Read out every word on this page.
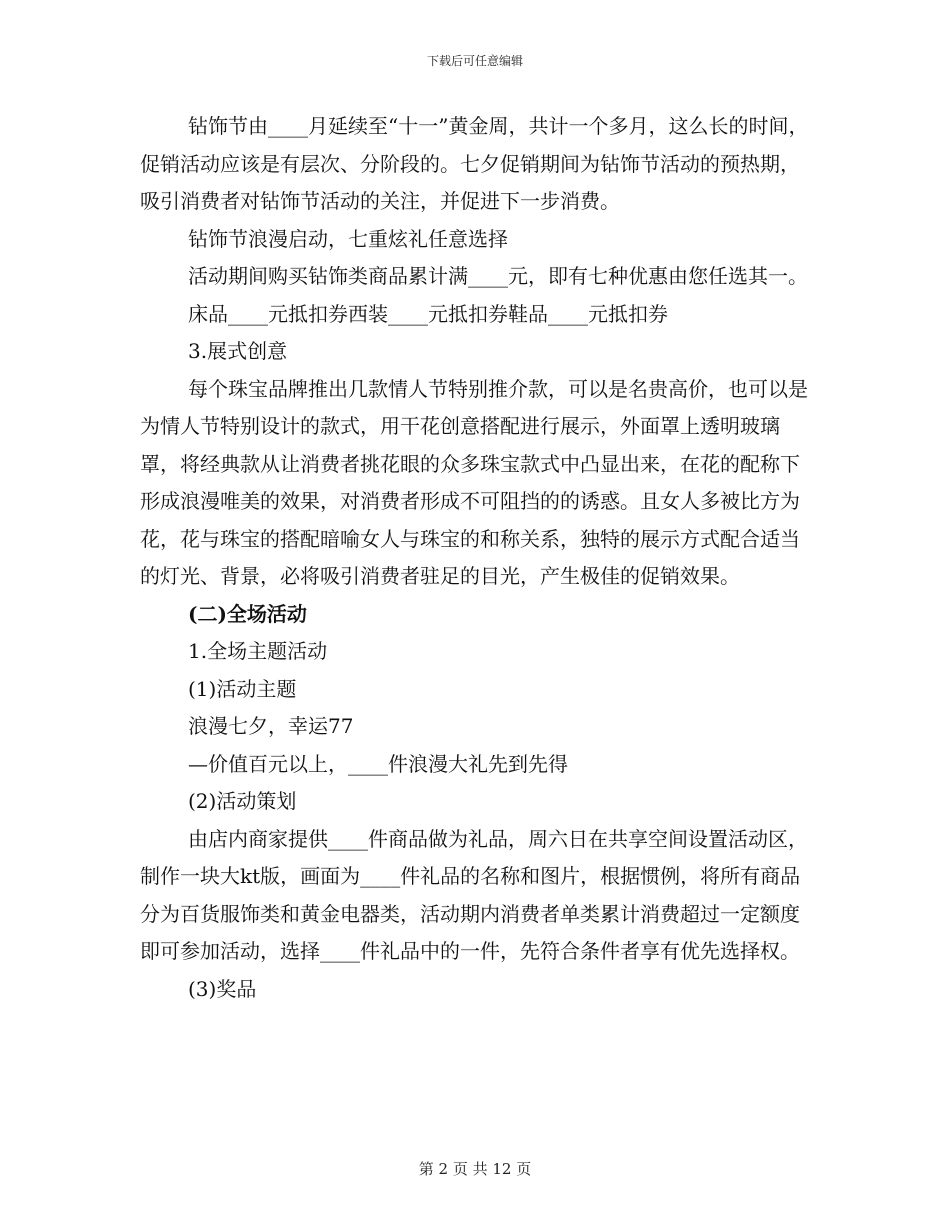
下载后可任意编辑

钻饰节由____月延续至“十一”黄金周，共计一个多月，这么长的时间，促销活动应该是有层次、分阶段的。七夕促销期间为钻饰节活动的预热期，吸引消费者对钻饰节活动的关注，并促进下一步消费。

钻饰节浪漫启动，七重炫礼任意选择

活动期间购买钻饰类商品累计满____元，即有七种优惠由您任选其一。

床品____元抵扣券西装____元抵扣券鞋品____元抵扣券

3.展式创意

每个珠宝品牌推出几款情人节特别推介款，可以是名贵高价，也可以是为情人节特别设计的款式，用干花创意搭配进行展示，外面罩上透明玻璃罩，将经典款从让消费者挑花眼的众多珠宝款式中凸显出来，在花的配称下形成浪漫唯美的效果，对消费者形成不可阻挡的的诱惑。且女人多被比方为花，花与珠宝的搭配暗喻女人与珠宝的和称关系，独特的展示方式配合适当的灯光、背景，必将吸引消费者驻足的目光，产生极佳的促销效果。

(二)全场活动

1.全场主题活动

(1)活动主题

浪漫七夕，幸运77

—价值百元以上，____件浪漫大礼先到先得

(2)活动策划

由店内商家提供____件商品做为礼品，周六日在共享空间设置活动区，制作一块大kt版，画面为____件礼品的名称和图片，根据惯例，将所有商品分为百货服饰类和黄金电器类，活动期内消费者单类累计消费超过一定额度即可参加活动，选择____件礼品中的一件，先符合条件者享有优先选择权。

(3)奖品

第 2 页 共 12 页
